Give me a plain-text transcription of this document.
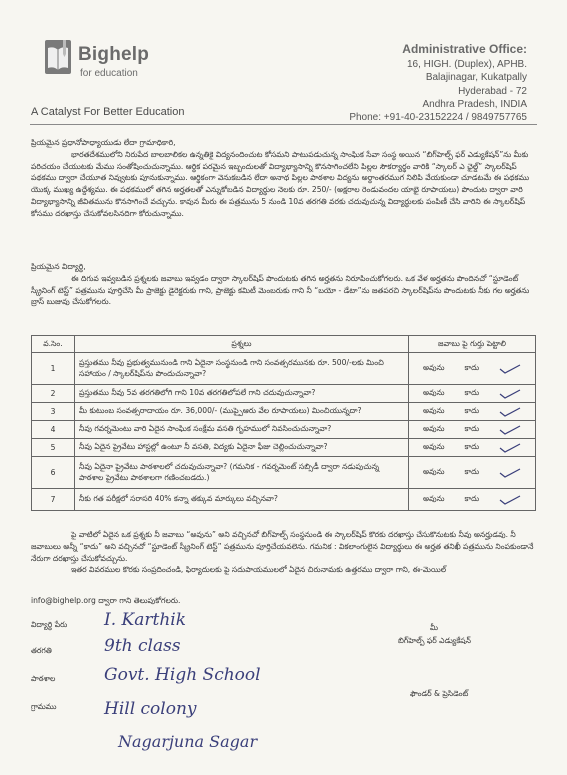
Bighelp
for education
A Catalyst For Better Education
Administrative Office:
16, HIGH. (Duplex), APHB.
Balajinagar, Kukatpally
Hyderabad - 72
Andhra Pradesh, INDIA
Phone: +91-40-23152224 / 9849757765
ప్రియమైన ప్రధానోపాధ్యాయుడు లేదా గ్రామాధికారి,
భారతదేశములోని నిరుపేద బాలబాలికల ఉన్నతికై విద్యనందించుట కోసమని పాటుపడుచున్న సాంఘిక సేవా సంస్థ అయిన “బిగ్‌హెల్ప్ ఫర్ ఎడ్యుకేషన్”ను మీకు పరిచయం చేయుటకు మేము సంతోషించుచున్నాము. ఆర్థిక పరమైన ఇబ్బందులతో విద్యాభ్యాసాన్ని కొనసాగించలేని పిల్లల సౌకర్యార్థం వారికి “స్కాలర్ ఎ ఛైల్డ్” స్కాలర్‌షిప్ పథకము ద్వారా చేయూత నివ్వుటకు పూనుకున్నాము. ఆర్థికంగా వెనుకబడిన లేదా అనాథ పిల్లల పాఠశాల విద్యను అర్థాంతరముగ నిలిపి వేయకుండా చూడటమే ఈ పథకము యొక్క ముఖ్య ఉద్దేశ్యము. ఈ పథకములో తగిన అర్హతలతో ఎన్నుకోబడిన విద్యార్థుల నెలకు రూ. 250/- (అక్షరాల రెండువందల యాభై రూపాయలు) పొందుట ద్వారా వారి విద్యాభ్యాసాన్ని జీవితమును కొనసాగించే వచ్చును. కావున మీరు ఈ పత్రమును 5 నుండి 10వ తరగతి వరకు చదువుచున్న విద్యార్థులకు పంపిణీ చేసి వారిని ఈ స్కాలర్‌షిప్ కోసము దరఖాస్తు చేసుకోవలసినదిగా కోరుచున్నాము.
ప్రియమైన విద్యార్థి,
ఈ దిగువ ఇవ్వబడిన ప్రశ్నలకు జవాబు ఇవ్వడం ద్వారా స్కాలర్‌షిప్ పొందుటకు తగిన అర్హతను నిరూపించుకోగలరు. ఒక వేళ అర్హతను పొందినచో “స్టూడెంట్ స్క్రీనింగ్ టెస్ట్” పత్రమును పూర్తిచేసి మీ ప్రాజెక్టు డైరెక్టరుకు గాని, ప్రాజెక్టు కమిటీ మెంబరుకు గాని నీ “బయో - డేటా”ను జతపరచి స్కాలర్‌షిప్‌ను పొందుటకు నీకు గల అర్హతను బ్రాస్ బుజువు చేసుకోగలరు.
వ.సెం.	ప్రశ్నలు	జవాబు పై గుర్తు పెట్టాలి
1	ప్రస్తుతము నీవు ప్రభుత్వమునుండి గాని ఏదైనా సంస్థనుండి గాని సంవత్సరమునకు రూ. 500/-లకు మించి సహాయం / స్కాలర్‌షిప్‌ను పొందుచున్నావా?	అవును కాదు

2	ప్రస్తుతము నీవు 5వ తరగతిలోగి గాని 10వ తరగతిలోపలే గాని చదువుచున్నావా?	అవును కాదు

3	మీ కుటుంబ సంవత్సరాదాయం రూ. 36,000/- (ముప్పైఆరు వేల రూపాయలు) మించియున్నదా?	అవును కాదు

4	నీవు గవర్నమెంటు వారి ఏదైన సాంఘిక సంక్షేమ వసతి గృహములో నివసించుచున్నావా?	అవును కాదు

5	నీవు ఏదైన ప్రైవేటు హాస్టల్లో ఉంటూ నీ వసతి, విద్యకు ఏదైనా ఫీజు చెల్లించుచున్నావా?	అవును కాదు

6	నీవు ఏదైనా ప్రైవేటు పాఠశాలలో చదువుచున్నావా? (గమనిక - గవర్నమెంట్ సబ్సిడీ ద్వారా నడుపుచున్న పాఠశాల ప్రైవేటు పాఠశాలగా గణించబడదు.)	అవును కాదు

7	నీకు గత పరీక్షలో సరాసరి 40% కన్నా తక్కువ మార్కులు వచ్చినవా?	అవును కాదు
పై వాటిలో ఏదైన ఒక ప్రశ్నకు నీ జవాబు “అవును” అని వచ్చినచో బిగ్‌హెల్ప్ సంస్థనుండి ఈ స్కాలర్‌షిప్ కొరకు దరఖాస్తు చేసుకొనుటకు నీవు అనర్హుడవు. నీ జవాబులు అన్నీ “కాదు” అని వచ్చినచో “స్టూడెంట్ స్క్రీనింగ్ టెస్ట్” పత్రమును పూర్తిచేయవలెను. గమనిక : వికలాంగులైన విద్యార్థులు ఈ అర్హత తనిఖీ పత్రమును నింపకుండానే నేరుగా దరఖాస్తు చేసుకోవచ్చును.
ఇతర వివరముల కొరకు సంప్రదించండి, ఫిర్యాదులకు పై సదుపాయములలో ఏదైన చిరునామకు ఉత్తరము ద్వారా గాని, ఈ-మెయిల్
info@bighelp.org ద్వారా గాని తెలుపుకోగలరు.
విద్యార్థి పేరు I. Karthik
తరగతి	9th class
పాఠశాల	Govt. High School
గ్రామము	Hill colony
Nagarjuna Sagar
మీ
బిగ్‌హెల్ప్ ఫర్ ఎడ్యుకేషన్
ఫౌండర్ & ప్రెసిడెంట్
